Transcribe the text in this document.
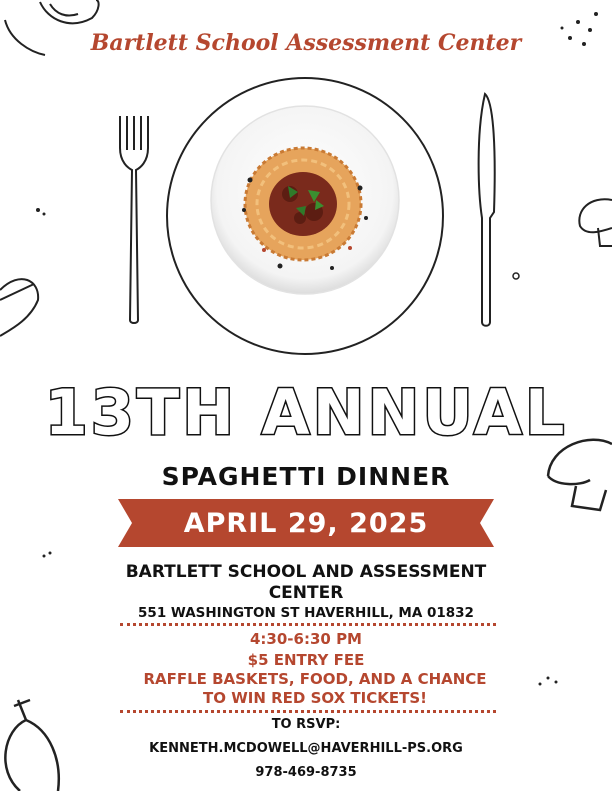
Bartlett School Assessment Center
13TH ANNUAL
SPAGHETTI DINNER
APRIL 29, 2025
BARTLETT SCHOOL AND ASSESSMENT CENTER
551 WASHINGTON ST HAVERHILL, MA 01832
4:30-6:30 PM
$5 ENTRY FEE
RAFFLE BASKETS, FOOD, AND A CHANCE TO WIN RED SOX TICKETS!
TO RSVP:
KENNETH.MCDOWELL@HAVERHILL-PS.ORG
978-469-8735
